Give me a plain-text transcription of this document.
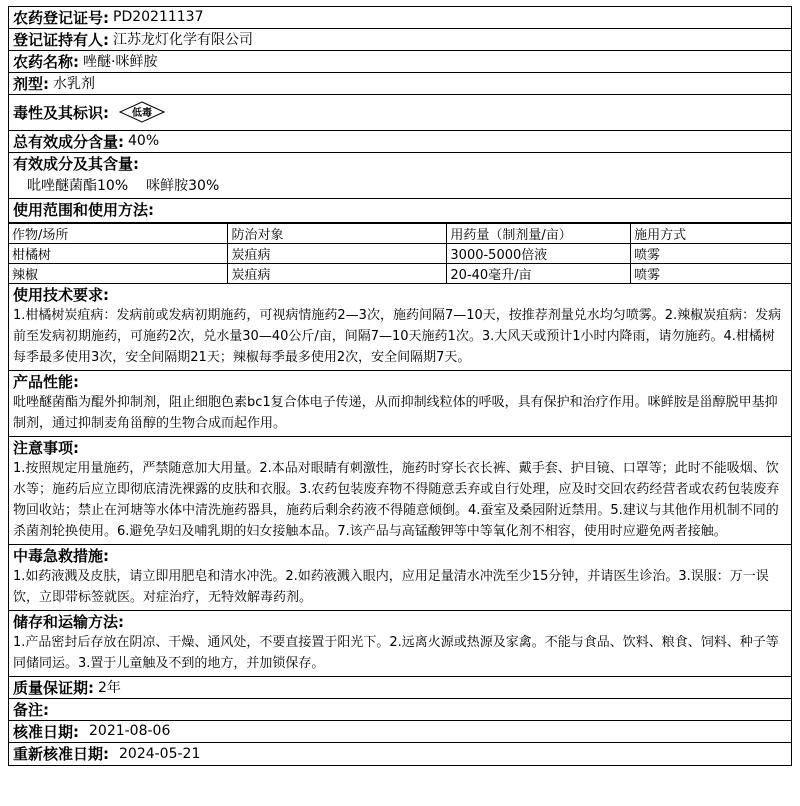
农药登记证号: PD20211137
登记证持有人: 江苏龙灯化学有限公司
农药名称: 唑醚·咪鲜胺
剂型: 水乳剂
毒性及其标识:	低毒
总有效成分含量: 40%
有效成分及其含量:
吡唑醚菌酯10% 咪鲜胺30%
使用范围和使用方法:
作物/场所	防治对象	用药量（制剂量/亩）	施用方式
柑橘树	炭疽病	3000-5000倍液	喷雾
辣椒	炭疽病	20-40毫升/亩	喷雾
使用技术要求:

1.柑橘树炭疽病：发病前或发病初期施药，可视病情施药2—3次，施药间隔7—10天，按推荐剂量兑水均匀喷雾。2.辣椒炭疽病：发病前至发病初期施药，可施药2次，兑水量30—40公斤/亩，间隔7—10天施药1次。3.大风天或预计1小时内降雨，请勿施药。4.柑橘树每季最多使用3次，安全间隔期21天；辣椒每季最多使用2次，安全间隔期7天。

产品性能:

吡唑醚菌酯为醌外抑制剂，阻止细胞色素bc1复合体电子传递，从而抑制线粒体的呼吸，具有保护和治疗作用。咪鲜胺是甾醇脱甲基抑制剂，通过抑制麦角甾醇的生物合成而起作用。

注意事项:

1.按照规定用量施药，严禁随意加大用量。2.本品对眼睛有刺激性，施药时穿长衣长裤、戴手套、护目镜、口罩等；此时不能吸烟、饮水等；施药后应立即彻底清洗裸露的皮肤和衣服。3.农药包装废弃物不得随意丢弃或自行处理，应及时交回农药经营者或农药包装废弃物回收站；禁止在河塘等水体中清洗施药器具，施药后剩余药液不得随意倾倒。4.蚕室及桑园附近禁用。5.建议与其他作用机制不同的杀菌剂轮换使用。6.避免孕妇及哺乳期的妇女接触本品。7.该产品与高锰酸钾等中等氧化剂不相容，使用时应避免两者接触。

中毒急救措施:

1.如药液溅及皮肤，请立即用肥皂和清水冲洗。2.如药液溅入眼内，应用足量清水冲洗至少15分钟，并请医生诊治。3.误服：万一误饮，立即带标签就医。对症治疗，无特效解毒药剂。

储存和运输方法:

1.产品密封后存放在阴凉、干燥、通风处，不要直接置于阳光下。2.远离火源或热源及家禽。不能与食品、饮料、粮食、饲料、种子等同储同运。3.置于儿童触及不到的地方，并加锁保存。

质量保证期: 2年
备注:
核准日期: 2021-08-06
重新核准日期: 2024-05-21
